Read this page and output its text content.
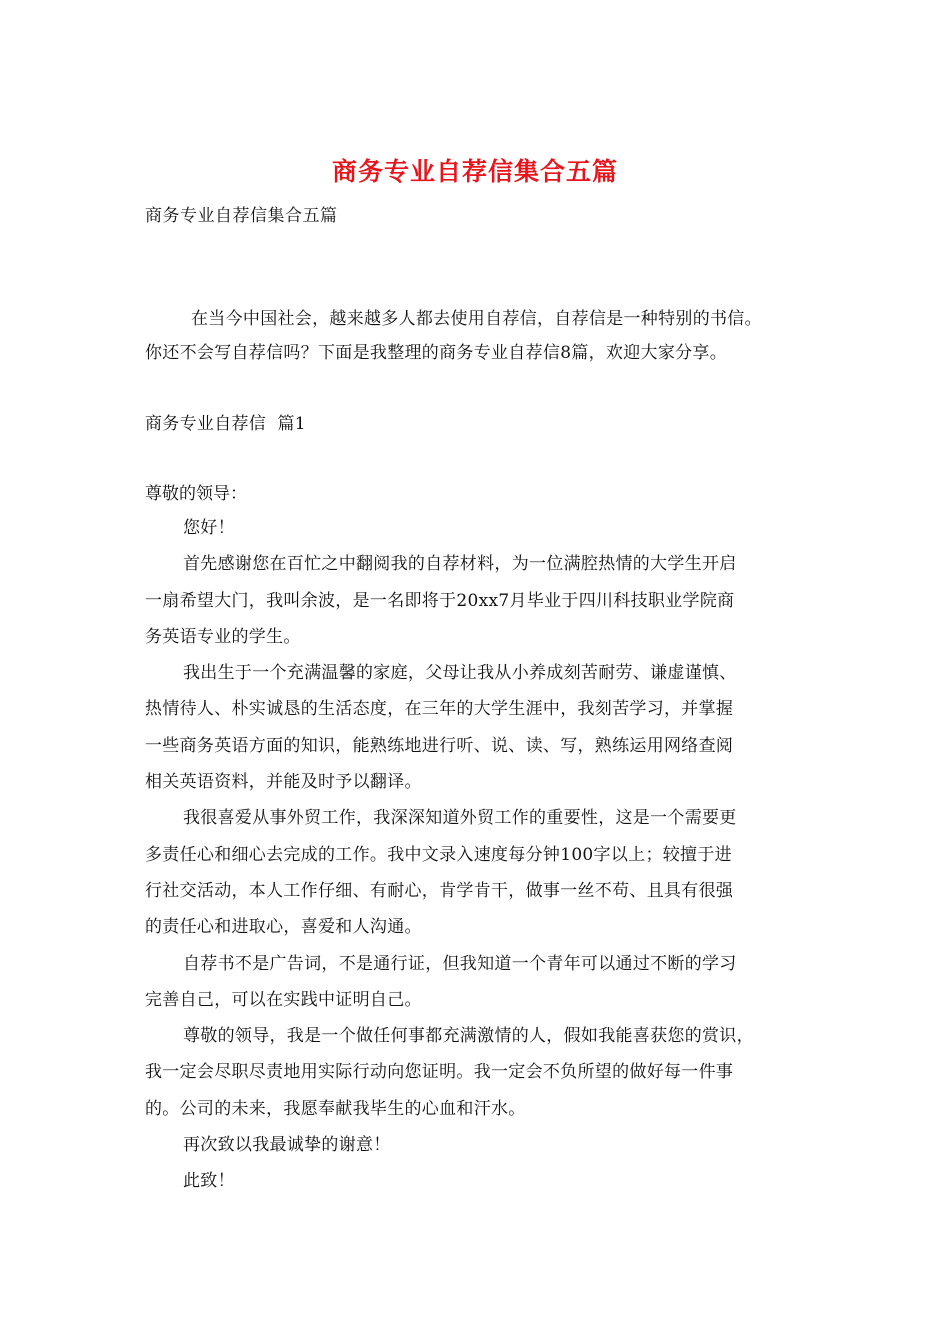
商务专业自荐信集合五篇
商务专业自荐信集合五篇
在当今中国社会，越来越多人都去使用自荐信，自荐信是一种特别的书信。
你还不会写自荐信吗？下面是我整理的商务专业自荐信8篇，欢迎大家分享。
商务专业自荐信  篇1
尊敬的领导：
您好！
首先感谢您在百忙之中翻阅我的自荐材料，为一位满腔热情的大学生开启
一扇希望大门，我叫余波，是一名即将于20xx7月毕业于四川科技职业学院商
务英语专业的学生。
我出生于一个充满温馨的家庭，父母让我从小养成刻苦耐劳、谦虚谨慎、
热情待人、朴实诚恳的生活态度，在三年的大学生涯中，我刻苦学习，并掌握
一些商务英语方面的知识，能熟练地进行听、说、读、写，熟练运用网络查阅
相关英语资料，并能及时予以翻译。
我很喜爱从事外贸工作，我深深知道外贸工作的重要性，这是一个需要更
多责任心和细心去完成的工作。我中文录入速度每分钟100字以上；较擅于进
行社交活动，本人工作仔细、有耐心，肯学肯干，做事一丝不苟、且具有很强
的责任心和进取心，喜爱和人沟通。
自荐书不是广告词，不是通行证，但我知道一个青年可以通过不断的学习
完善自己，可以在实践中证明自己。
尊敬的领导，我是一个做任何事都充满激情的人，假如我能喜获您的赏识，
我一定会尽职尽责地用实际行动向您证明。我一定会不负所望的做好每一件事
的。公司的未来，我愿奉献我毕生的心血和汗水。
再次致以我最诚挚的谢意！
此致！
